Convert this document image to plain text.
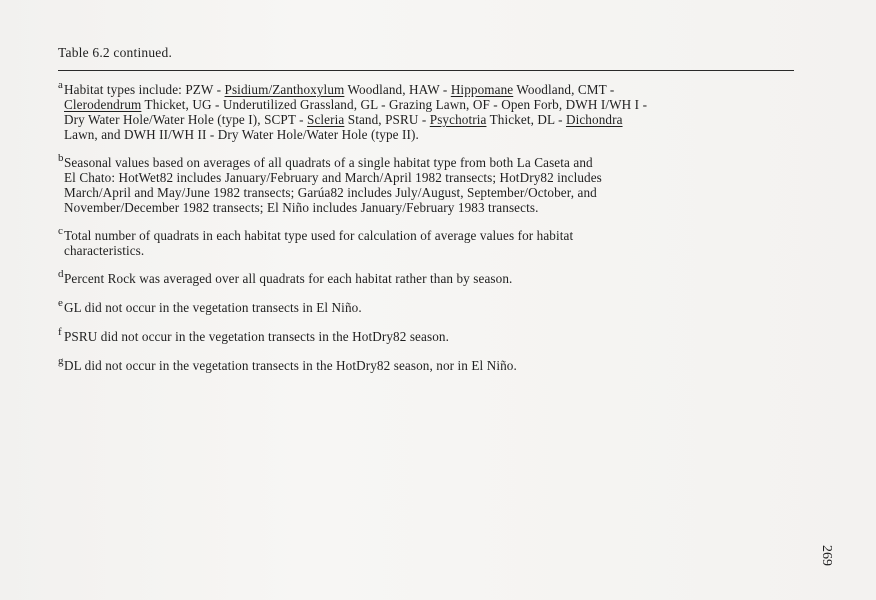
Table 6.2 continued.
a Habitat types include: PZW - Psidium/Zanthoxylum Woodland, HAW - Hippomane Woodland, CMT -
Clerodendrum Thicket, UG - Underutilized Grassland, GL - Grazing Lawn, OF - Open Forb, DWH I/WH I -
Dry Water Hole/Water Hole (type I), SCPT - Scleria Stand, PSRU - Psychotria Thicket, DL - Dichondra
Lawn, and DWH II/WH II - Dry Water Hole/Water Hole (type II).
b Seasonal values based on averages of all quadrats of a single habitat type from both La Caseta and
El Chato: HotWet82 includes January/February and March/April 1982 transects; HotDry82 includes
March/April and May/June 1982 transects; Garúa82 includes July/August, September/October, and
November/December 1982 transects; El Niño includes January/February 1983 transects.
c Total number of quadrats in each habitat type used for calculation of average values for habitat
characteristics.
d Percent Rock was averaged over all quadrats for each habitat rather than by season.
e GL did not occur in the vegetation transects in El Niño.
f PSRU did not occur in the vegetation transects in the HotDry82 season.
g DL did not occur in the vegetation transects in the HotDry82 season, nor in El Niño.
269
